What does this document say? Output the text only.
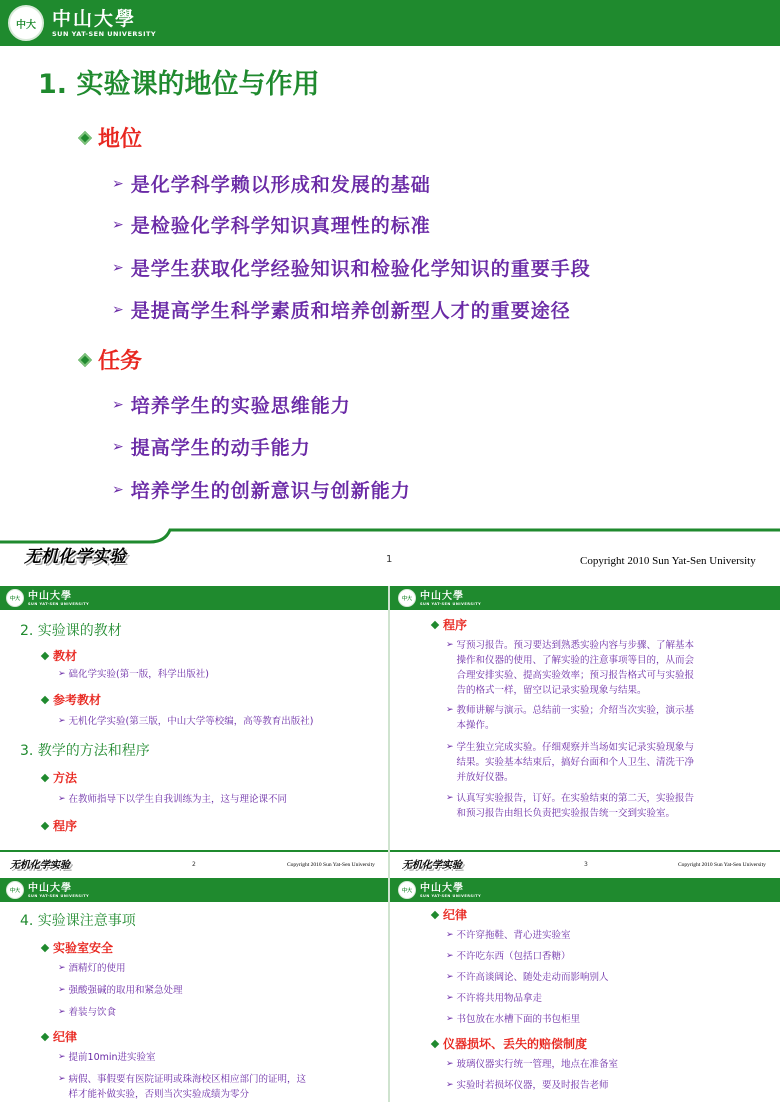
中大 中山大學
SUN YAT-SEN UNIVERSITY
1. 实验课的地位与作用
地位
➢ 是化学科学赖以形成和发展的基础
➢ 是检验化学科学知识真理性的标准
➢ 是学生获取化学经验知识和检验化学知识的重要手段
➢ 是提高学生科学素质和培养创新型人才的重要途径
任务
➢ 培养学生的实验思维能力
➢ 提高学生的动手能力
➢ 培养学生的创新意识与创新能力
无机化学实验	1	Copyright 2010 Sun Yat-Sen University
中大 中山大學
SUN YAT-SEN UNIVERSITY
2. 实验课的教材
教材
➢ 础化学实验(第一版，科学出版社)
参考教材
➢ 无机化学实验(第三版，中山大学等校编，高等教育出版社)
3. 教学的方法和程序
方法
➢ 在教师指导下以学生自我训练为主，这与理论课不同
程序
无机化学实验	2	Copyright 2010 Sun Yat-Sen University
中大 中山大學
SUN YAT-SEN UNIVERSITY
程序
➢ 写预习报告。预习要达到熟悉实验内容与步骤、了解基本
操作和仪器的使用、了解实验的注意事项等目的，从而会
合理安排实验、提高实验效率；预习报告格式可与实验报
告的格式一样，留空以记录实验现象与结果。
➢ 教师讲解与演示。总结前一实验；介绍当次实验，演示基
本操作。
➢ 学生独立完成实验。仔细观察并当场如实记录实验现象与
结果。实验基本结束后，搞好台面和个人卫生、清洗干净
并放好仪器。
➢ 认真写实验报告，订好。在实验结束的第二天，实验报告
和预习报告由组长负责把实验报告统一交到实验室。
无机化学实验	3	Copyright 2010 Sun Yat-Sen University
中大 中山大學
SUN YAT-SEN UNIVERSITY
4. 实验课注意事项
实验室安全
➢ 酒精灯的使用
➢ 强酸强碱的取用和紧急处理
➢ 着装与饮食
纪律
➢ 提前10min进实验室
➢ 病假、事假要有医院证明或珠海校区相应部门的证明，这
样才能补做实验，否则当次实验成绩为零分
中大 中山大學
SUN YAT-SEN UNIVERSITY
纪律
➢ 不许穿拖鞋、背心进实验室
➢ 不许吃东西（包括口香糖）
➢ 不许高谈阔论、随处走动而影响别人
➢ 不许将共用物品拿走
➢ 书包放在水槽下面的书包柜里
仪器损坏、丢失的赔偿制度
➢ 玻璃仪器实行统一管理，地点在准备室
➢ 实验时若损坏仪器，要及时报告老师
